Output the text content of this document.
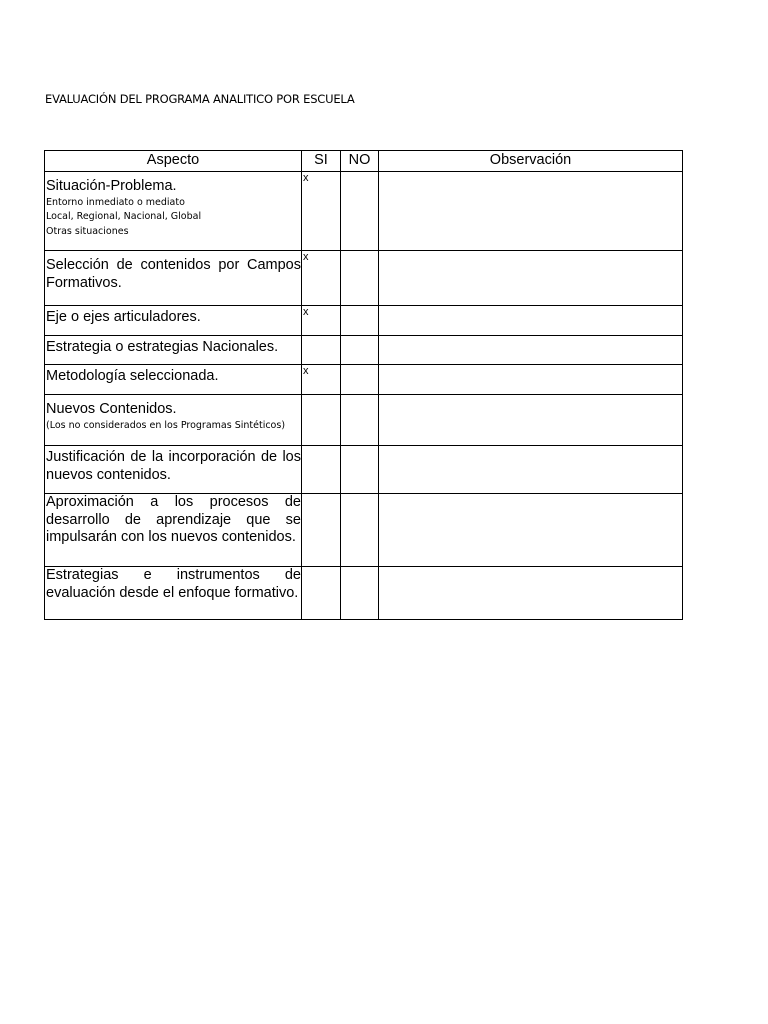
EVALUACIÓN DEL PROGRAMA ANALITICO POR ESCUELA
Aspecto	SI	NO	Observación
Situación-Problema.
Entorno inmediato o mediato
Local, Regional, Nacional, Global
Otras situaciones	x		

Selección de contenidos por Campos Formativos.	x		

Eje o ejes articuladores.	x		

Estrategia o estrategias Nacionales.	

Metodología seleccionada.	x		

Nuevos Contenidos.
(Los no considerados en los Programas Sintéticos)			

Justificación de la incorporación de los nuevos contenidos.	

Aproximación a los procesos de desarrollo de aprendizaje que se impulsarán con los nuevos contenidos.	

Estrategias e instrumentos de evaluación desde el enfoque formativo.	
